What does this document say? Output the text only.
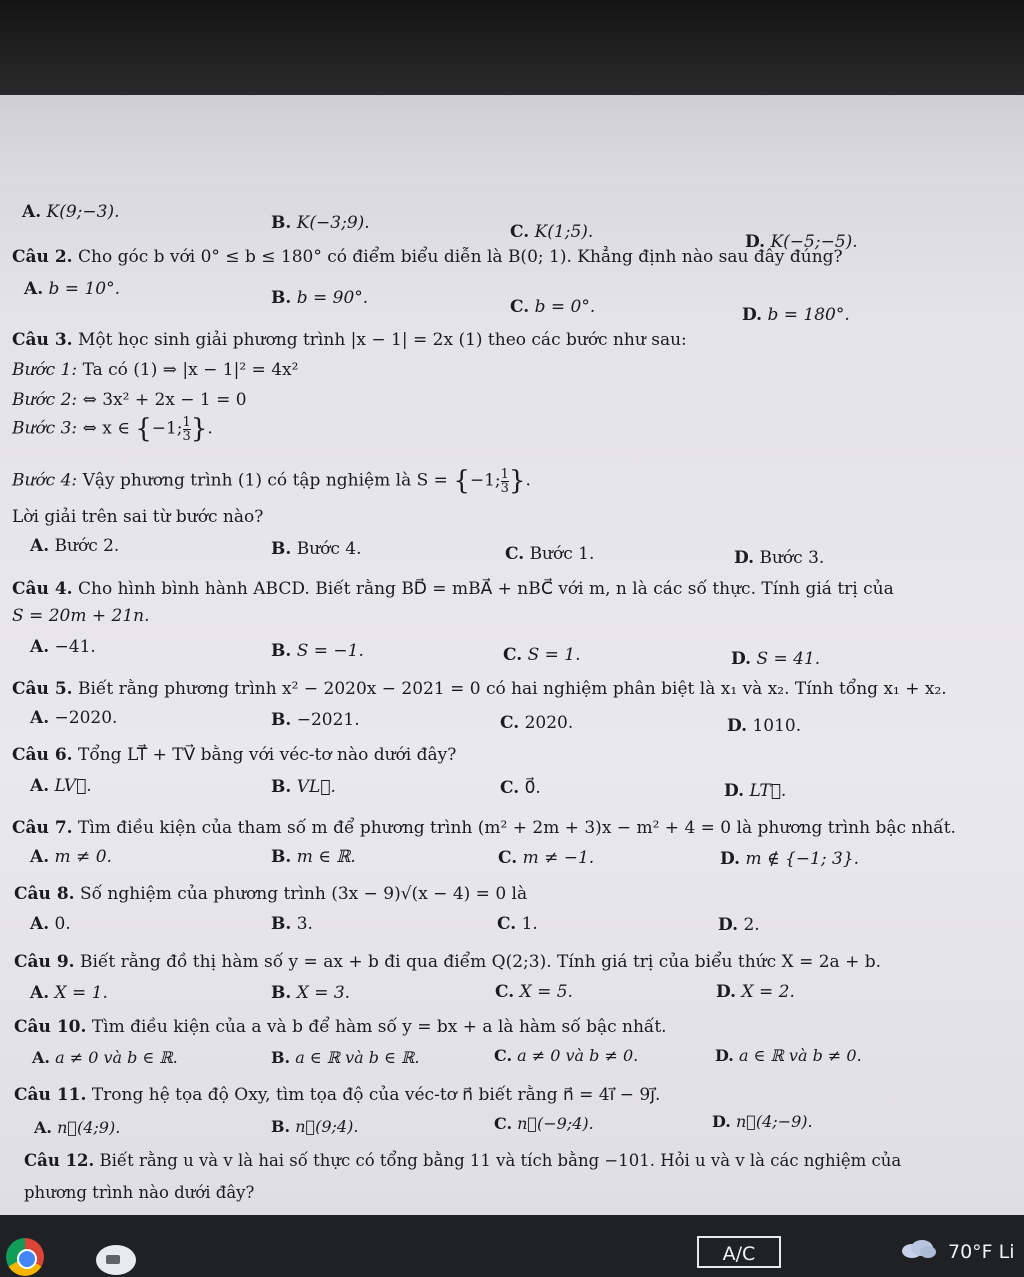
A. K(9;−3).
B. K(−3;9).	C. K(1;5).	D. K(−5;−5).
Câu 2. Cho góc b với 0° ≤ b ≤ 180° có điểm biểu diễn là B(0; 1). Khẳng định nào sau đây đúng?
A. b = 10°.	B. b = 90°.	C. b = 0°.	D. b = 180°.
Câu 3. Một học sinh giải phương trình |x − 1| = 2x (1) theo các bước như sau:
Bước 1: Ta có (1) ⇒ |x − 1|² = 4x²
Bước 2: ⇔ 3x² + 2x − 1 = 0
Bước 3: ⇔ x ∈ {−1; $\frac{1}{3}$ }.
Bước 4: Vậy phương trình (1) có tập nghiệm là S = {−1; $\frac{1}{3}$ }.
Lời giải trên sai từ bước nào?
A. Bước 2.	B. Bước 4.	C. Bước 1.	D. Bước 3.
Câu 4. Cho hình bình hành ABCD. Biết rằng BD⃗ = mBA⃗ + nBC⃗ với m, n là các số thực. Tính giá trị của
S = 20m + 21n.
A. −41.	B. S = −1.	C. S = 1.	D. S = 41.
Câu 5. Biết rằng phương trình x² − 2020x − 2021 = 0 có hai nghiệm phân biệt là x₁ và x₂. Tính tổng x₁ + x₂.
A. −2020.	B. −2021.	C. 2020.	D. 1010.
Câu 6. Tổng LT⃗ + TV⃗ bằng với véc-tơ nào dưới đây?
A. LV⃗.	B. VL⃗.	C. 0⃗.	D. LT⃗.
Câu 7. Tìm điều kiện của tham số m để phương trình (m² + 2m + 3)x − m² + 4 = 0 là phương trình bậc nhất.
A. m ≠ 0.	B. m ∈ ℝ.	C. m ≠ −1.	D. m ∉ {−1; 3}.
Câu 8. Số nghiệm của phương trình (3x − 9)√(x − 4) = 0 là
A. 0.	B. 3.	C. 1.	D. 2.
Câu 9. Biết rằng đồ thị hàm số y = ax + b đi qua điểm Q(2;3). Tính giá trị của biểu thức X = 2a + b.
A. X = 1.	B. X = 3.	C. X = 5.	D. X = 2.
Câu 10. Tìm điều kiện của a và b để hàm số y = bx + a là hàm số bậc nhất.
A. a ≠ 0 và b ∈ ℝ.	B. a ∈ ℝ và b ∈ ℝ.	C. a ≠ 0 và b ≠ 0.	D. a ∈ ℝ và b ≠ 0.
Câu 11. Trong hệ tọa độ Oxy, tìm tọa độ của véc-tơ n⃗ biết rằng n⃗ = 4i⃗ − 9j⃗.
A. n⃗(4;9).	B. n⃗(9;4).	C. n⃗(−9;4).	D. n⃗(4;−9).
Câu 12. Biết rằng u và v là hai số thực có tổng bằng 11 và tích bằng −101. Hỏi u và v là các nghiệm của
phương trình nào dưới đây?
A/C	70°F Li
